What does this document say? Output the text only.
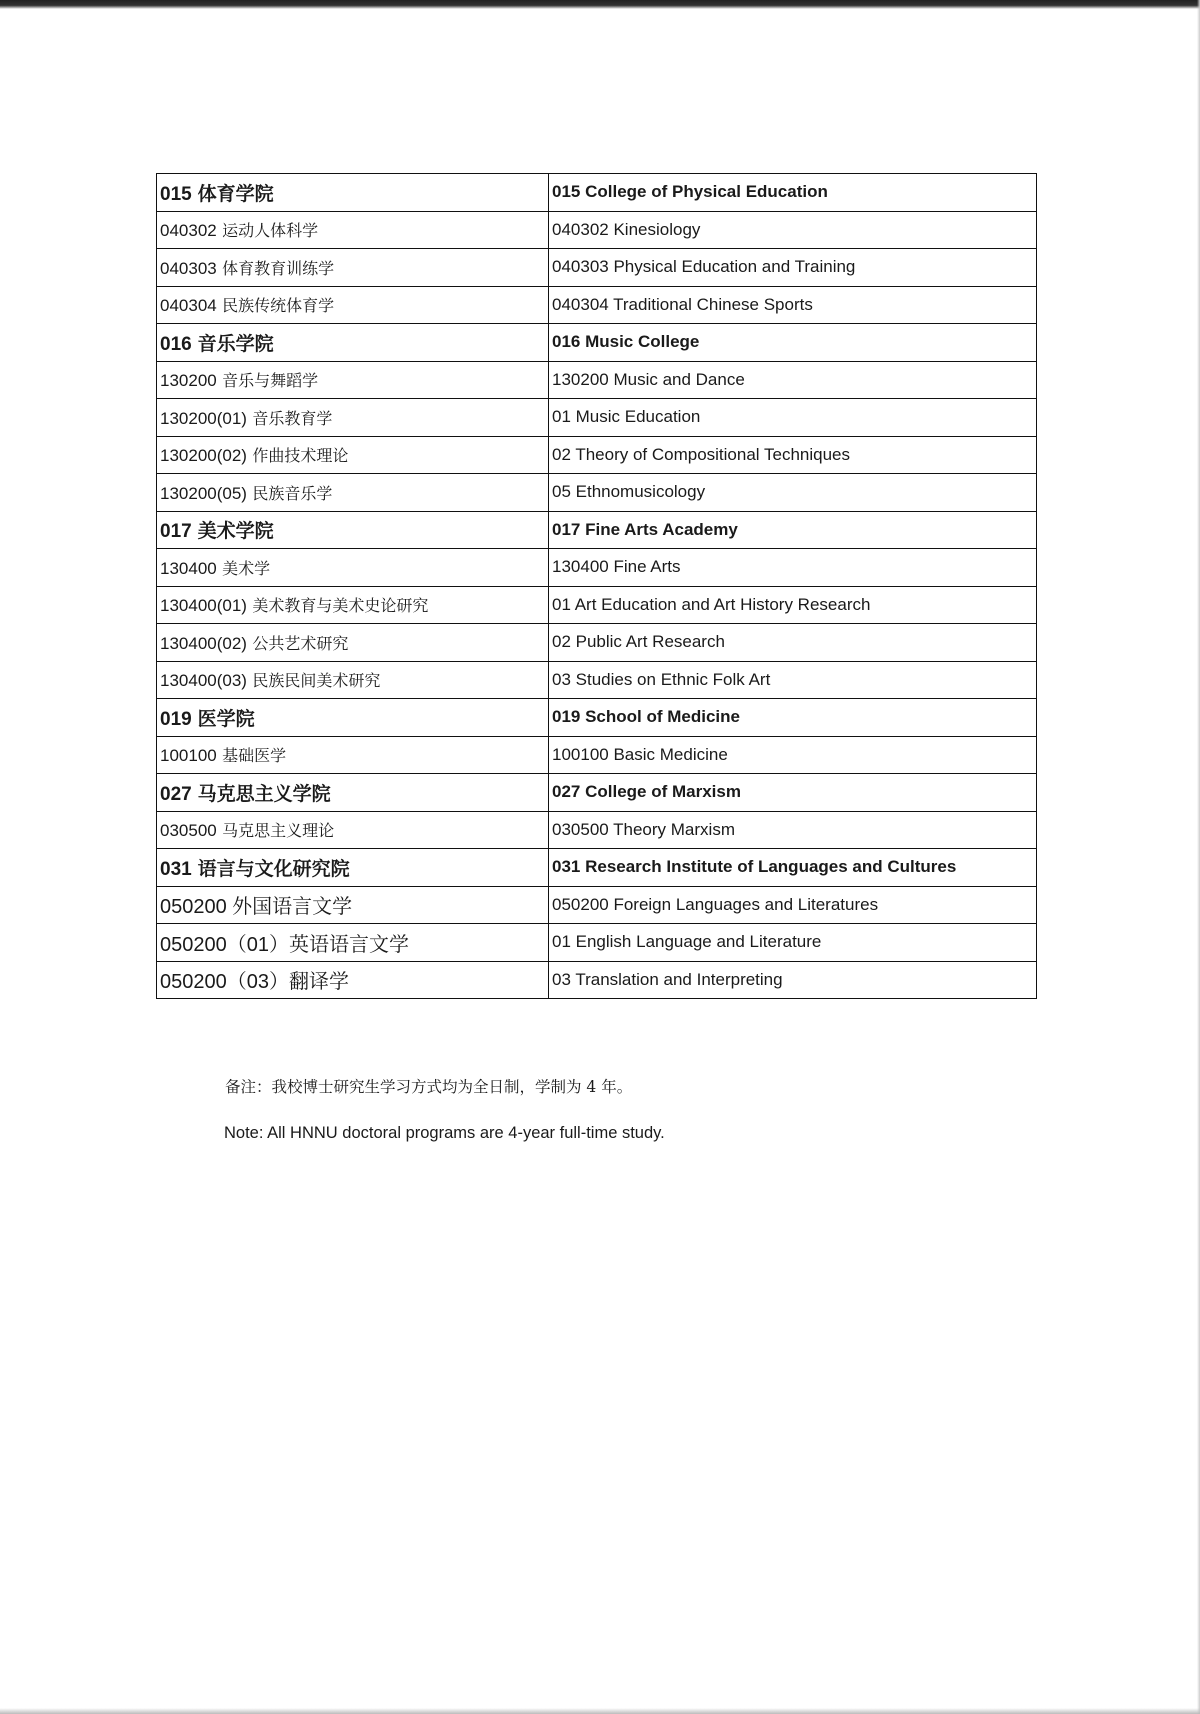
015 体育学院	015 College of Physical Education
040302 运动人体科学	040302 Kinesiology
040303 体育教育训练学	040303 Physical Education and Training
040304 民族传统体育学	040304 Traditional Chinese Sports
016 音乐学院	016 Music College
130200 音乐与舞蹈学	130200 Music and Dance
130200(01) 音乐教育学	01 Music Education
130200(02) 作曲技术理论	02 Theory of Compositional Techniques
130200(05) 民族音乐学	05 Ethnomusicology
017 美术学院	017 Fine Arts Academy
130400 美术学	130400 Fine Arts
130400(01) 美术教育与美术史论研究	01 Art Education and Art History Research
130400(02) 公共艺术研究	02 Public Art Research
130400(03) 民族民间美术研究	03 Studies on Ethnic Folk Art
019 医学院	019 School of Medicine
100100 基础医学	100100 Basic Medicine
027 马克思主义学院	027 College of Marxism
030500 马克思主义理论	030500 Theory Marxism
031 语言与文化研究院	031 Research Institute of Languages and Cultures
050200 外国语言文学	050200 Foreign Languages and Literatures
050200（01）英语语言文学	01 English Language and Literature
050200（03）翻译学	03 Translation and Interpreting
备注：我校博士研究生学习方式均为全日制，学制为 4 年。
Note: All HNNU doctoral programs are 4-year full-time study.
